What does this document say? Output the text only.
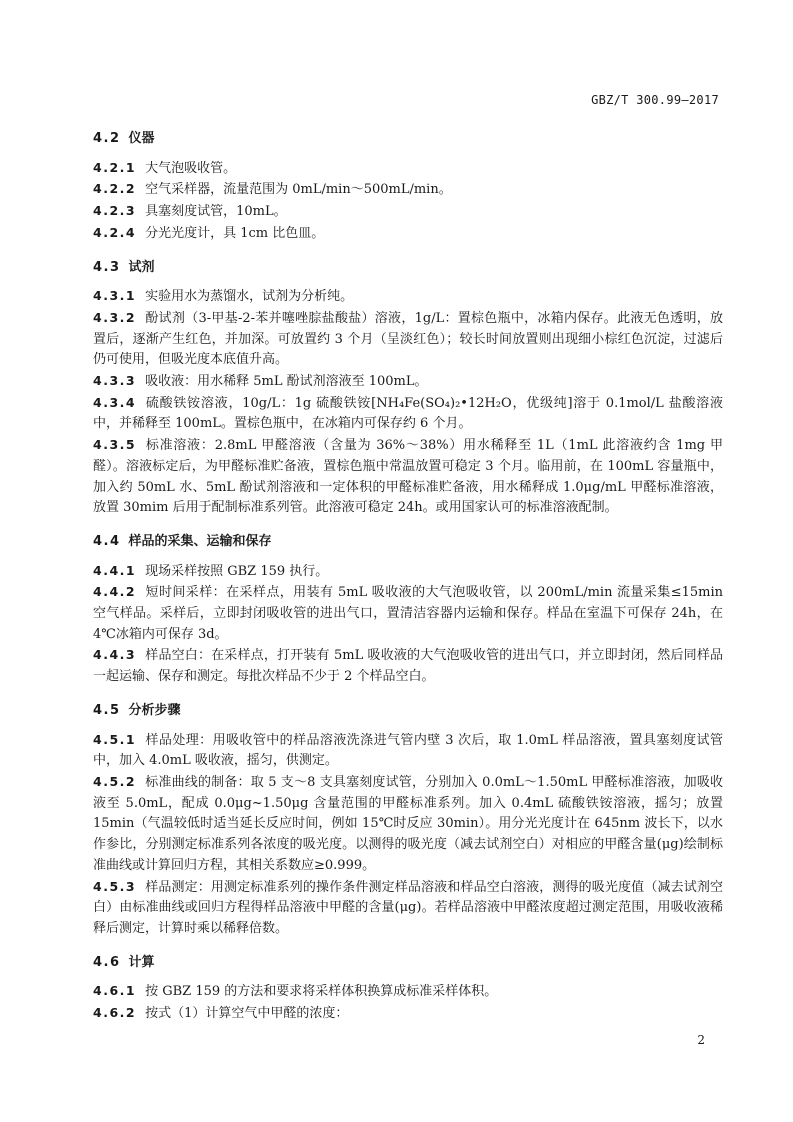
GBZ/T 300.99—2017
4.2 仪器
4.2.1 大气泡吸收管。
4.2.2 空气采样器，流量范围为 0mL/min～500mL/min。
4.2.3 具塞刻度试管，10mL。
4.2.4 分光光度计，具 1cm 比色皿。
4.3 试剂
4.3.1 实验用水为蒸馏水，试剂为分析纯。
4.3.2 酚试剂（3-甲基-2-苯并噻唑腙盐酸盐）溶液，1g/L：置棕色瓶中，冰箱内保存。此液无色透明，放置后，逐渐产生红色，并加深。可放置约 3 个月（呈淡红色）；较长时间放置则出现细小棕红色沉淀，过滤后仍可使用，但吸光度本底值升高。
4.3.3 吸收液：用水稀释 5mL 酚试剂溶液至 100mL。
4.3.4 硫酸铁铵溶液，10g/L：1g 硫酸铁铵[NH₄Fe(SO₄)₂•12H₂O，优级纯]溶于 0.1mol/L 盐酸溶液中，并稀释至 100mL。置棕色瓶中，在冰箱内可保存约 6 个月。
4.3.5 标准溶液：2.8mL 甲醛溶液（含量为 36%～38%）用水稀释至 1L（1mL 此溶液约含 1mg 甲醛）。溶液标定后，为甲醛标准贮备液，置棕色瓶中常温放置可稳定 3 个月。临用前，在 100mL 容量瓶中，加入约 50mL 水、5mL 酚试剂溶液和一定体积的甲醛标准贮备液，用水稀释成 1.0μg/mL 甲醛标准溶液，放置 30mim 后用于配制标准系列管。此溶液可稳定 24h。或用国家认可的标准溶液配制。
4.4 样品的采集、运输和保存
4.4.1 现场采样按照 GBZ 159 执行。
4.4.2 短时间采样：在采样点，用装有 5mL 吸收液的大气泡吸收管，以 200mL/min 流量采集≤15min 空气样品。采样后，立即封闭吸收管的进出气口，置清洁容器内运输和保存。样品在室温下可保存 24h，在 4℃冰箱内可保存 3d。
4.4.3 样品空白：在采样点，打开装有 5mL 吸收液的大气泡吸收管的进出气口，并立即封闭，然后同样品一起运输、保存和测定。每批次样品不少于 2 个样品空白。
4.5 分析步骤
4.5.1 样品处理：用吸收管中的样品溶液洗涤进气管内壁 3 次后，取 1.0mL 样品溶液，置具塞刻度试管中，加入 4.0mL 吸收液，摇匀，供测定。
4.5.2 标准曲线的制备：取 5 支～8 支具塞刻度试管，分别加入 0.0mL～1.50mL 甲醛标准溶液，加吸收液至 5.0mL，配成 0.0μg~1.50μg 含量范围的甲醛标准系列。加入 0.4mL 硫酸铁铵溶液，摇匀；放置 15min（气温较低时适当延长反应时间，例如 15℃时反应 30min）。用分光光度计在 645nm 波长下，以水作参比，分别测定标准系列各浓度的吸光度。以测得的吸光度（减去试剂空白）对相应的甲醛含量(μg)绘制标准曲线或计算回归方程，其相关系数应≥0.999。
4.5.3 样品测定：用测定标准系列的操作条件测定样品溶液和样品空白溶液，测得的吸光度值（减去试剂空白）由标准曲线或回归方程得样品溶液中甲醛的含量(μg)。若样品溶液中甲醛浓度超过测定范围，用吸收液稀释后测定，计算时乘以稀释倍数。
4.6 计算
4.6.1 按 GBZ 159 的方法和要求将采样体积换算成标准采样体积。
4.6.2 按式（1）计算空气中甲醛的浓度：
2
